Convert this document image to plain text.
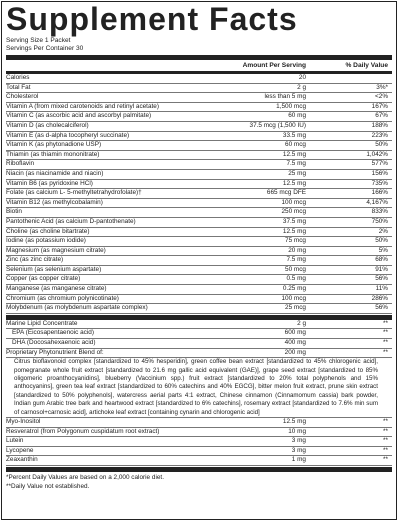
Supplement Facts
Serving Size 1 Packet
Servings Per Container 30
Amount Per Serving	% Daily Value
Calories	20
Total Fat	2 g	3%*
Cholesterol	less than 5 mg	<2%
Vitamin A (from mixed carotenoids and retinyl acetate)	1,500 mcg	167%
Vitamin C (as ascorbic acid and ascorbyl palmitate)	60 mg	67%
Vitamin D (as cholecalciferol)	37.5 mcg (1,500 IU)	188%
Vitamin E (as d-alpha tocopheryl succinate)	33.5 mg	223%
Vitamin K (as phytonadione USP)	60 mcg	50%
Thiamin (as thiamin mononitrate)	12.5 mg	1,042%
Riboflavin	7.5 mg	577%
Niacin (as niacinamide and niacin)	25 mg	156%
Vitamin B6 (as pyridoxine HCl)	12.5 mg	735%
Folate (as calcium L- 5-methyltetrahydrofolate)†	665 mcg DFE	166%
Vitamin B12 (as methylcobalamin)	100 mcg	4,167%
Biotin	250 mcg	833%
Pantothenic Acid (as calcium D-pantothenate)	37.5 mg	750%
Choline (as choline bitartrate)	12.5 mg	2%
Iodine (as potassium iodide)	75 mcg	50%
Magnesium (as magnesium citrate)	20 mg	5%
Zinc (as zinc citrate)	7.5 mg	68%
Selenium (as selenium aspartate)	50 mcg	91%
Copper (as copper citrate)	0.5 mg	56%
Manganese (as manganese citrate)	0.25 mg	11%
Chromium (as chromium polynicotinate)	100 mcg	286%
Molybdenum (as molybdenum aspartate complex)	25 mcg	56%
Marine Lipid Concentrate	2 g	**
EPA (Eicosapentaenoic acid)	600 mg	**
DHA (Docosahexaenoic acid)	400 mg	**
Proprietary Phytonutrient Blend of:	200 mg	**
Citrus bioflavonoid complex [standardized to 45% hesperidin], green coffee bean extract [standardized to 45% chlorogenic acid], pomegranate whole fruit extract [standardized to 21.6 mg gallic acid equivalent (GAE)], grape seed extract [standardized to 85% oligomeric proanthocyanidins], blueberry (Vaccinium spp.) fruit extract [standardized to 20% total polyphenols and 15% anthocyanins], green tea leaf extract [standardized to 60% catechins and 40% EGCG], bitter melon fruit extract, prune skin extract [standardized to 50% polyphenols], watercress aerial parts 4:1 extract, Chinese cinnamon (Cinnamomum cassia) bark powder, Indian gum Arabic tree bark and heartwood extract [standardized to 6% catechins], rosemary extract [standardized to 7.6% min sum of carnosol+carnosic acid], artichoke leaf extract [containing cynarin and chlorogenic acid]
Myo-Inositol	12.5 mg	**
Resveratrol (from Polygonum cuspidatum root extract)	10 mg	**
Lutein	3 mg	**
Lycopene	3 mg	**
Zeaxanthin	1 mg	**
*Percent Daily Values are based on a 2,000 calorie diet.
**Daily Value not established.
